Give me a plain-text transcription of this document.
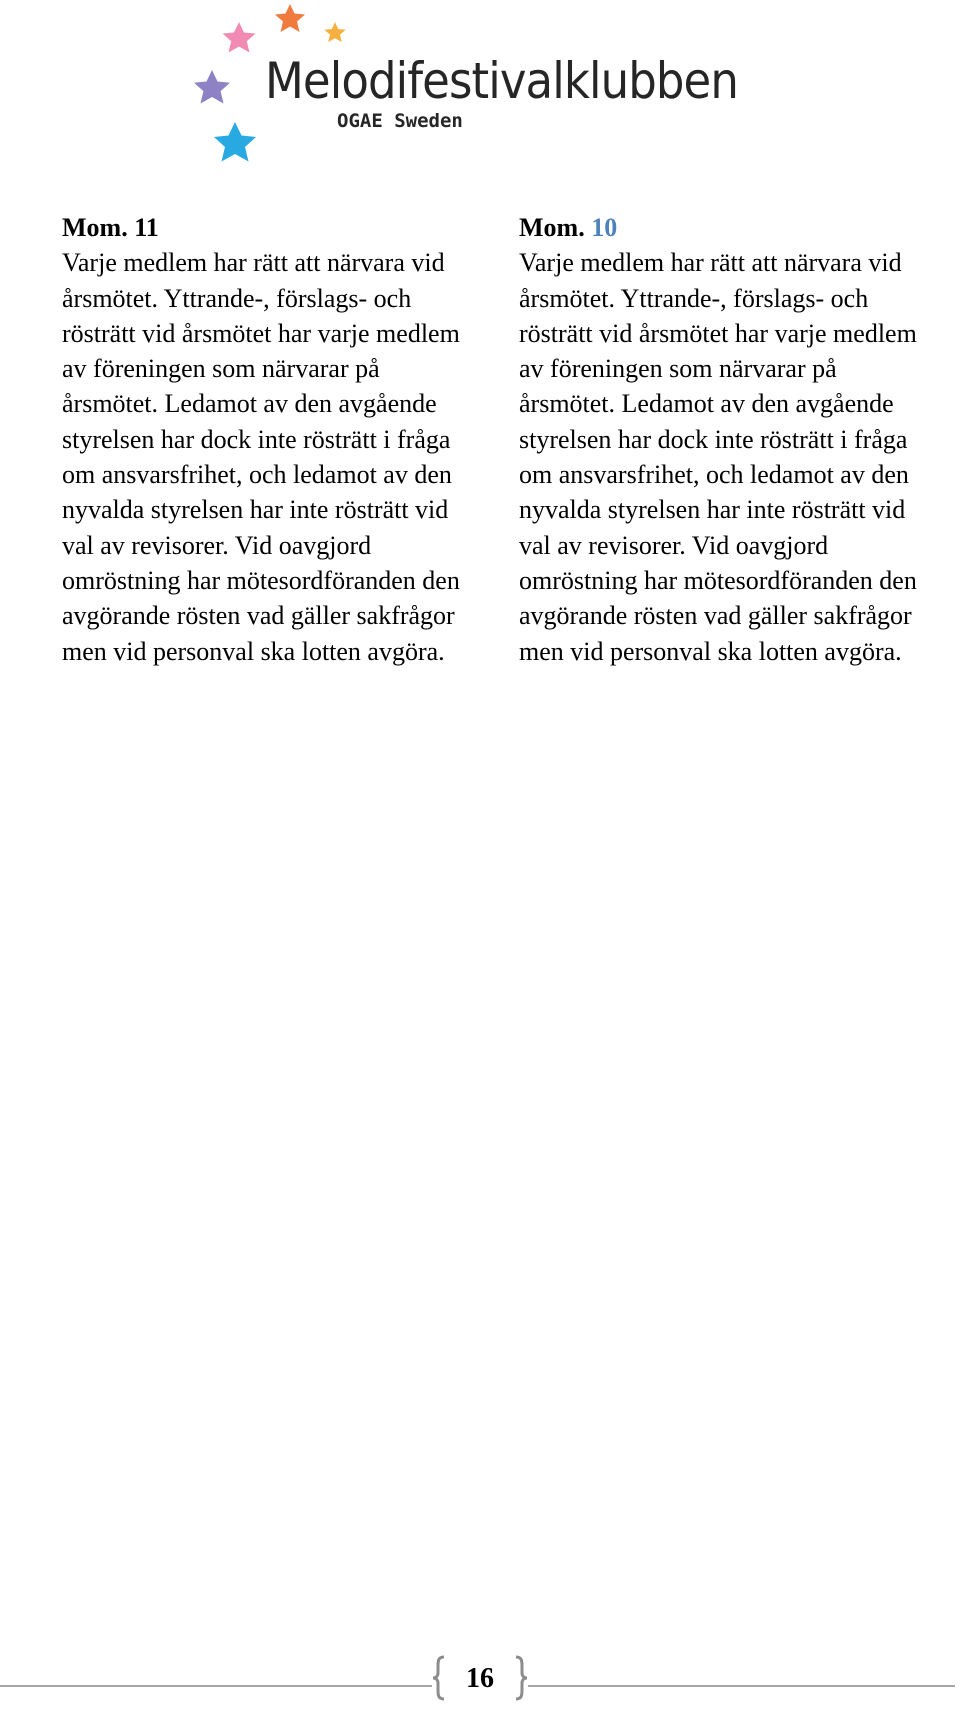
Melodifestivalklubben
OGAE Sweden
Mom. 11

Varje medlem har rätt att närvara vid årsmötet. Yttrande-, förslags- och rösträtt vid årsmötet har varje medlem av föreningen som närvarar på årsmötet. Ledamot av den avgående styrelsen har dock inte rösträtt i fråga om ansvarsfrihet, och ledamot av den nyvalda styrelsen har inte rösträtt vid val av revisorer. Vid oavgjord omröstning har mötesordföranden den avgörande rösten vad gäller sakfrågor men vid personval ska lotten avgöra.

Mom. 10

Varje medlem har rätt att närvara vid årsmötet. Yttrande-, förslags- och rösträtt vid årsmötet har varje medlem av föreningen som närvarar på årsmötet. Ledamot av den avgående styrelsen har dock inte rösträtt i fråga om ansvarsfrihet, och ledamot av den nyvalda styrelsen har inte rösträtt vid val av revisorer. Vid oavgjord omröstning har mötesordföranden den avgörande rösten vad gäller sakfrågor men vid personval ska lotten avgöra.

16
